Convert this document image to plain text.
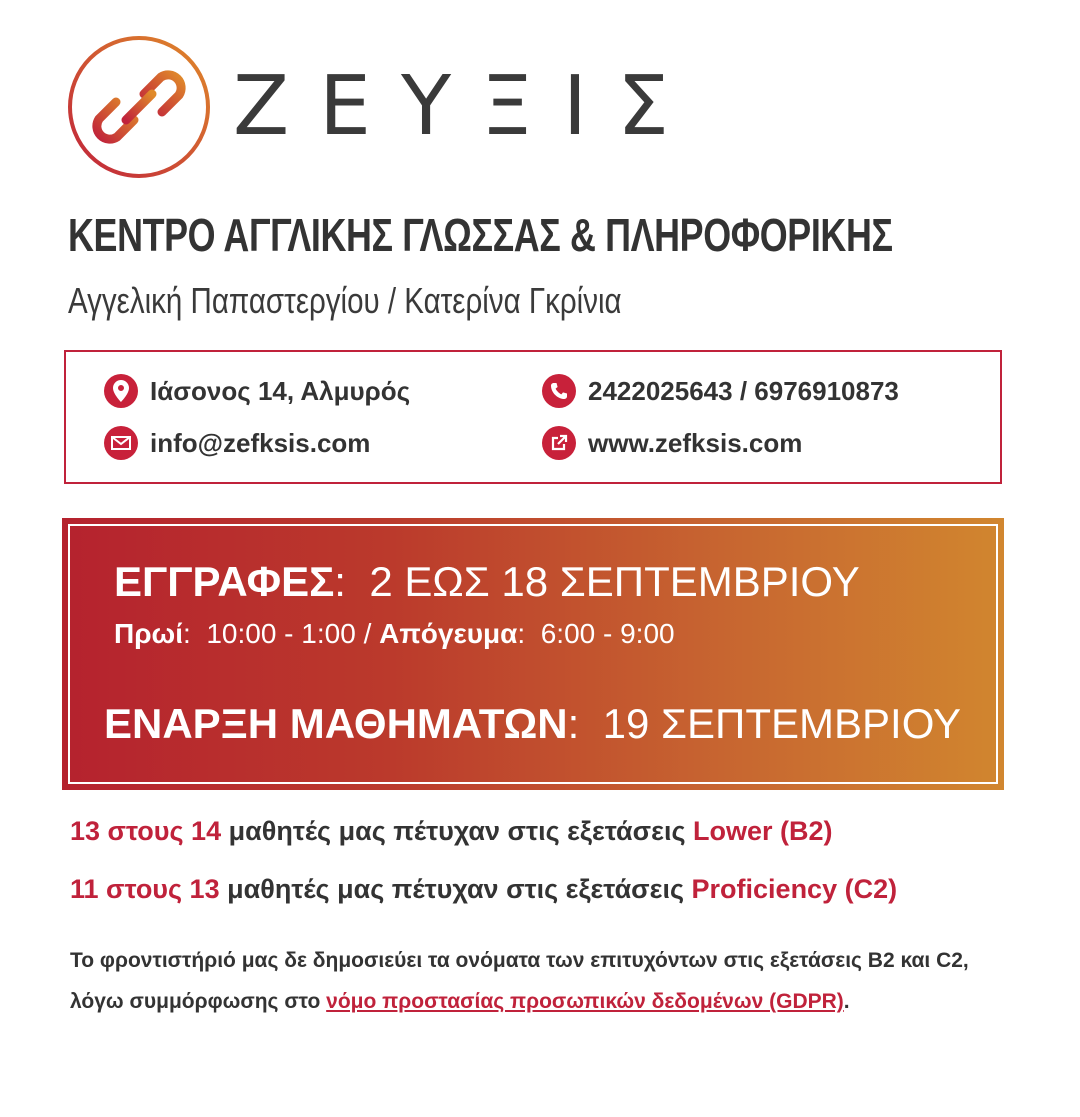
ΖΕΥΞΙΣ
ΚΕΝΤΡΟ ΑΓΓΛΙΚΗΣ ΓΛΩΣΣΑΣ & ΠΛΗΡΟΦΟΡΙΚΗΣ
Αγγελική Παπαστεργίου / Κατερίνα Γκρίνια
Ιάσονος 14, Αλμυρός	2422025643 / 6976910873
info@zefksis.com	www.zefksis.com
ΕΓΓΡΑΦΕΣ: 2 ΕΩΣ 18 ΣΕΠΤΕΜΒΡΙΟΥ
Πρωί:  10:00 - 1:00 / Απόγευμα:  6:00 - 9:00
ΕΝΑΡΞΗ ΜΑΘΗΜΑΤΩΝ:  19 ΣΕΠΤΕΜΒΡΙΟΥ
13 στους 14 μαθητές μας πέτυχαν στις εξετάσεις Lower (B2)
11 στους 13 μαθητές μας πέτυχαν στις εξετάσεις Proficiency (C2)
Το φροντιστήριό μας δε δημοσιεύει τα ονόματα των επιτυχόντων στις εξετάσεις B2 και C2, λόγω συμμόρφωσης στο νόμο προστασίας προσωπικών δεδομένων (GDPR).
